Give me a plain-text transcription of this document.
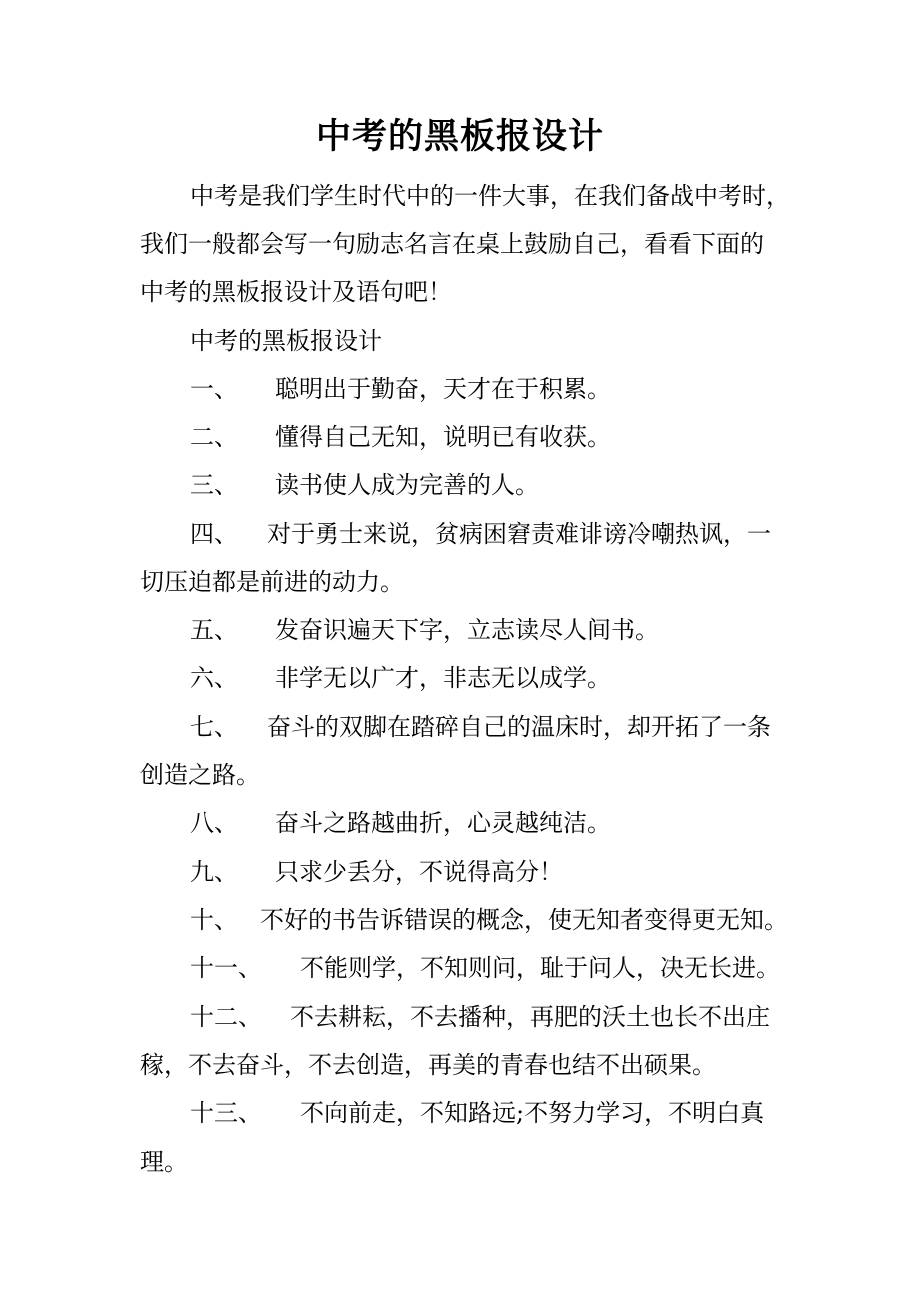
中考的黑板报设计
中考是我们学生时代中的一件大事，在我们备战中考时，
我们一般都会写一句励志名言在桌上鼓励自己，看看下面的
中考的黑板报设计及语句吧！
中考的黑板报设计
一、 聪明出于勤奋，天才在于积累。
二、 懂得自己无知，说明已有收获。
三、 读书使人成为完善的人。
四、 对于勇士来说，贫病困窘责难诽谤冷嘲热讽，一
切压迫都是前进的动力。
五、 发奋识遍天下字，立志读尽人间书。
六、 非学无以广才，非志无以成学。
七、 奋斗的双脚在踏碎自己的温床时，却开拓了一条
创造之路。
八、 奋斗之路越曲折，心灵越纯洁。
九、 只求少丢分，不说得高分！
十、 不好的书告诉错误的概念，使无知者变得更无知。
十一、 不能则学，不知则问，耻于问人，决无长进。
十二、 不去耕耘，不去播种，再肥的沃土也长不出庄
稼，不去奋斗，不去创造，再美的青春也结不出硕果。
十三、 不向前走，不知路远;不努力学习，不明白真
理。
